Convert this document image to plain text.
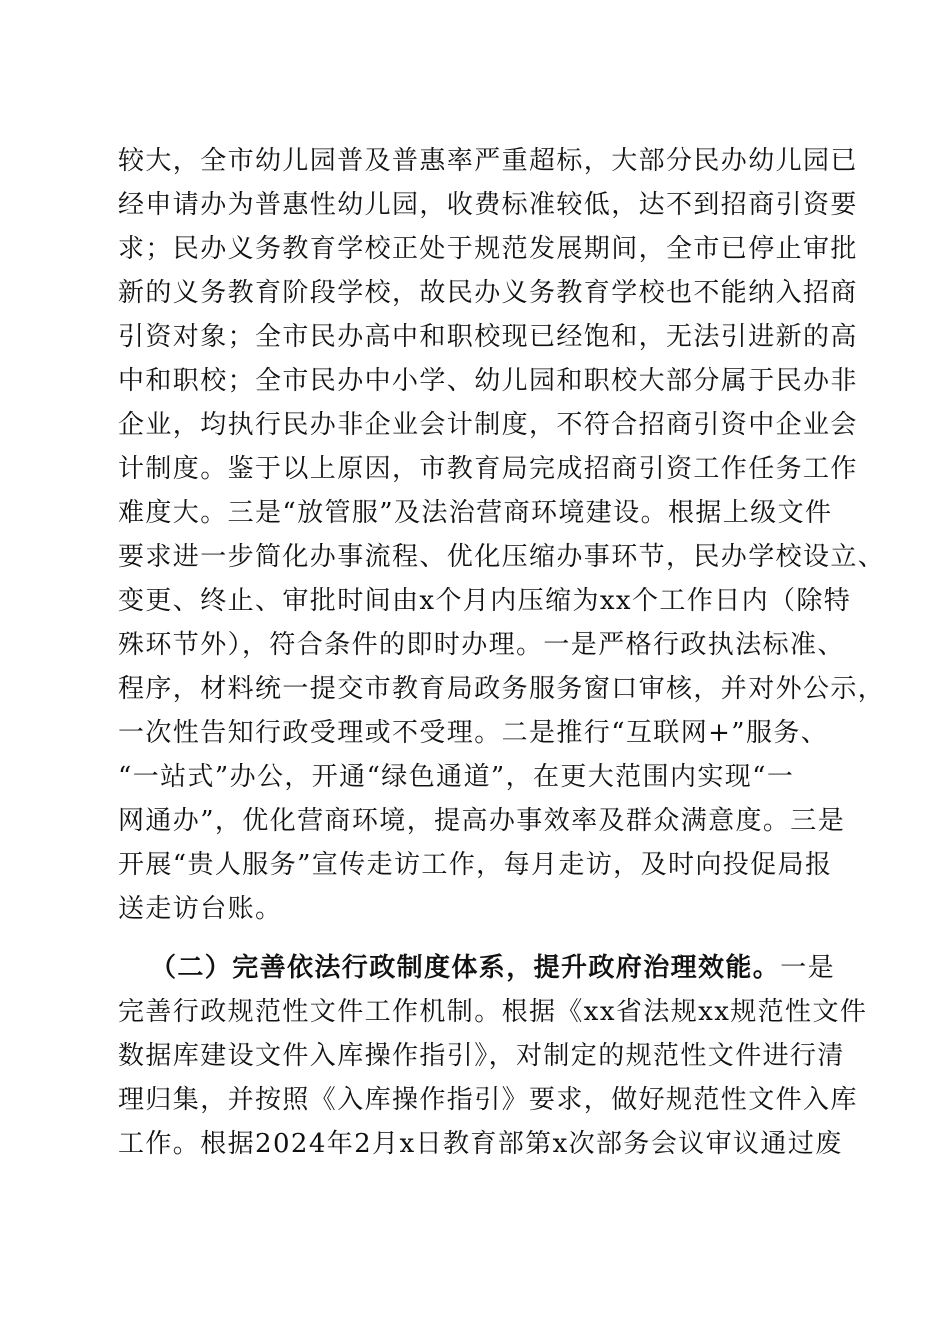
较大，全市幼儿园普及普惠率严重超标，大部分民办幼儿园已
经申请办为普惠性幼儿园，收费标准较低，达不到招商引资要
求；民办义务教育学校正处于规范发展期间，全市已停止审批
新的义务教育阶段学校，故民办义务教育学校也不能纳入招商
引资对象；全市民办高中和职校现已经饱和，无法引进新的高
中和职校；全市民办中小学、幼儿园和职校大部分属于民办非
企业，均执行民办非企业会计制度，不符合招商引资中企业会
计制度。鉴于以上原因，市教育局完成招商引资工作任务工作
难度大。三是“放管服”及法治营商环境建设。根据上级文件
要求进一步简化办事流程、优化压缩办事环节，民办学校设立、
变更、终止、审批时间由x个月内压缩为xx个工作日内（除特
殊环节外），符合条件的即时办理。一是严格行政执法标准、
程序，材料统一提交市教育局政务服务窗口审核，并对外公示，
一次性告知行政受理或不受理。二是推行“互联网+”服务、
“一站式”办公，开通“绿色通道”，在更大范围内实现“一
网通办”，优化营商环境，提高办事效率及群众满意度。三是
开展“贵人服务”宣传走访工作，每月走访，及时向投促局报
送走访台账。
（二）完善依法行政制度体系，提升政府治理效能。一是
完善行政规范性文件工作机制。根据《xx省法规xx规范性文件
数据库建设文件入库操作指引》，对制定的规范性文件进行清
理归集，并按照《入库操作指引》要求，做好规范性文件入库
工作。根据2024年2月x日教育部第x次部务会议审议通过废
